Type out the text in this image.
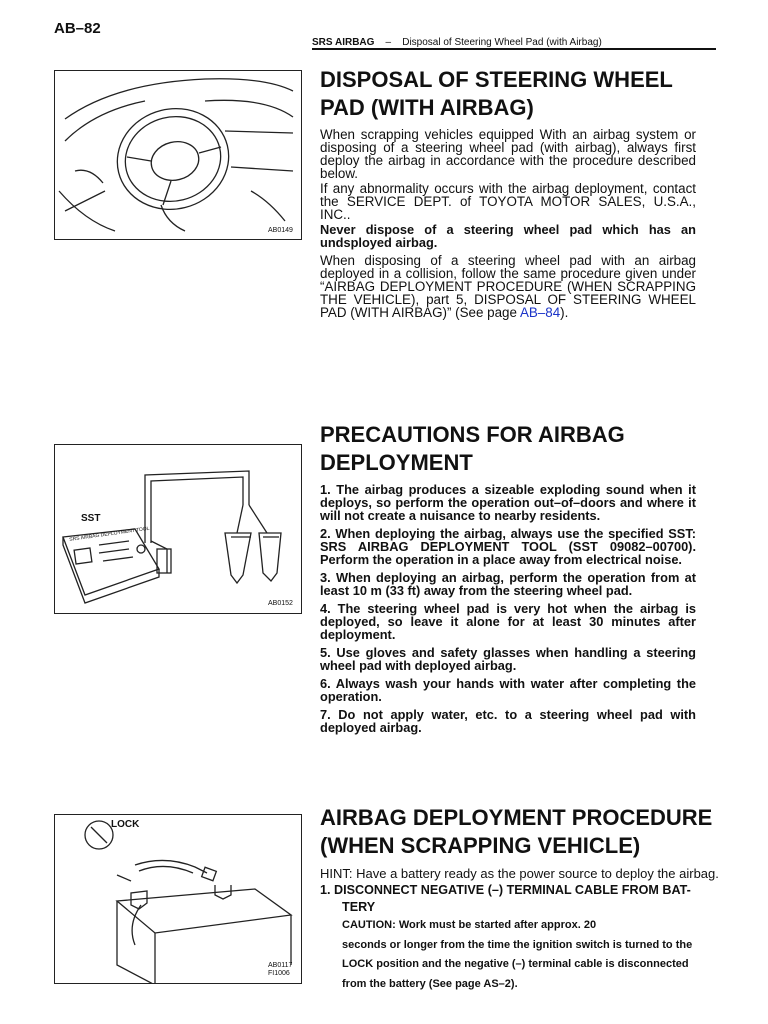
AB–82
SRS AIRBAG – Disposal of Steering Wheel Pad (with Airbag)
AB0149
SST
SRS AIRBAG DEPLOYMENT TOOL
AB0152
LOCK
AB0117
FI1006
DISPOSAL OF STEERING WHEEL
PAD (WITH AIRBAG)
When scrapping vehicles equipped With an airbag system or disposing of a steering wheel pad (with airbag), always first deploy the airbag in accordance with the procedure described below.
If any abnormality occurs with the airbag deployment, contact the SERVICE DEPT. of TOYOTA MOTOR SALES, U.S.A., INC..
Never dispose of a steering wheel pad which has an undsployed airbag.
When disposing of a steering wheel pad with an airbag deployed in a collision, follow the same procedure given under “AIRBAG DEPLOYMENT PROCEDURE (WHEN SCRAPPING THE VEHICLE), part 5, DISPOSAL OF STEERING WHEEL PAD (WITH AIRBAG)” (See page AB–84).
PRECAUTIONS FOR AIRBAG
DEPLOYMENT
1. The airbag produces a sizeable exploding sound when it deploys, so perform the operation out–of–doors and where it will not create a nuisance to nearby residents.
2. When deploying the airbag, always use the specified SST: SRS AIRBAG DEPLOYMENT TOOL (SST 09082–00700). Perform the operation in a place away from electrical noise.
3. When deploying an airbag, perform the operation from at least 10 m (33 ft) away from the steering wheel pad.
4. The steering wheel pad is very hot when the airbag is deployed, so leave it alone for at least 30 minutes after deployment.
5. Use gloves and safety glasses when handling a steering wheel pad with deployed airbag.
6. Always wash your hands with water after completing the operation.
7. Do not apply water, etc. to a steering wheel pad with deployed airbag.
AIRBAG DEPLOYMENT PROCEDURE
(WHEN SCRAPPING VEHICLE)
HINT: Have a battery ready as the power source to deploy the airbag.
1. DISCONNECT NEGATIVE (–) TERMINAL CABLE FROM BAT-
TERY
CAUTION: Work must be started after approx. 20
seconds or longer from the time the ignition switch is turned to the
LOCK position and the negative (–) terminal cable is disconnected
from the battery (See page AS–2).
